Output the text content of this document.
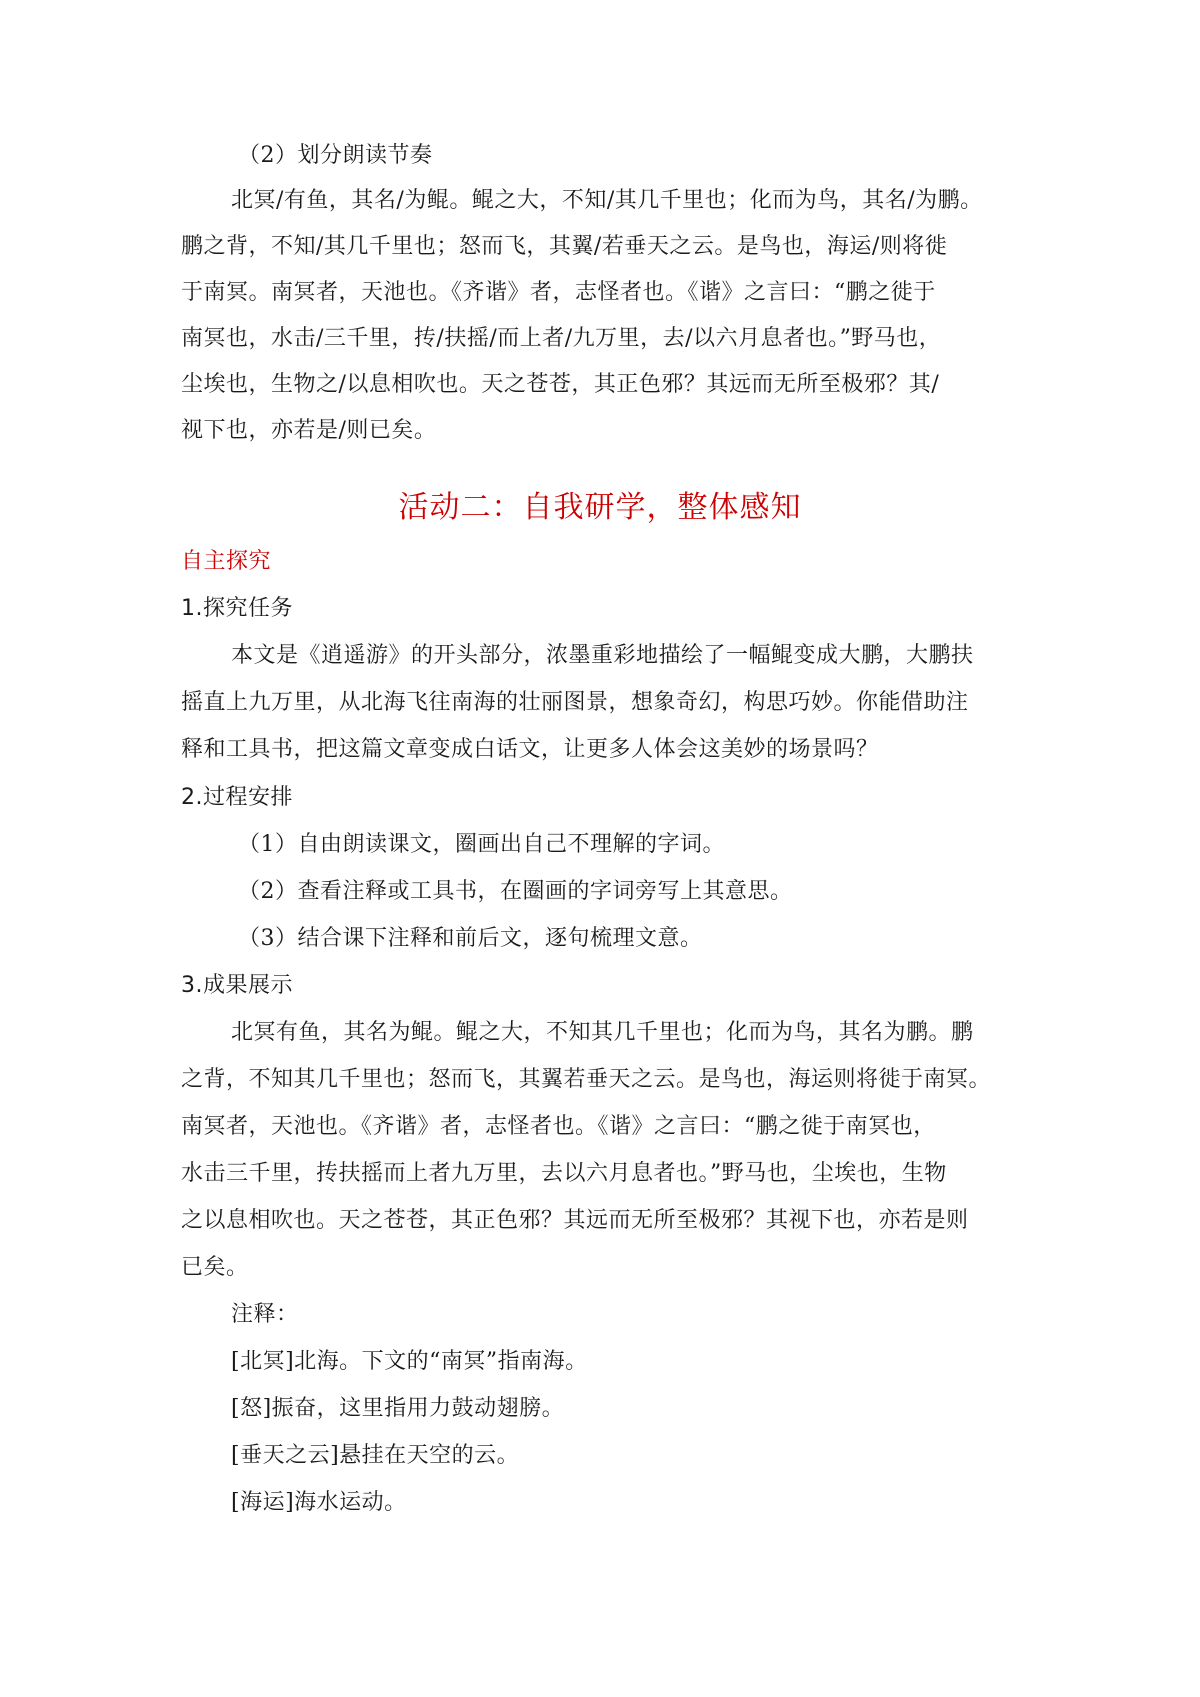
（2）划分朗读节奏
北冥/有鱼，其名/为鲲。鲲之大，不知/其几千里也；化而为鸟，其名/为鹏。
鹏之背，不知/其几千里也；怒而飞，其翼/若垂天之云。是鸟也，海运/则将徙
于南冥。南冥者，天池也。《齐谐》者，志怪者也。《谐》之言曰：“鹏之徙于
南冥也，水击/三千里，抟/扶摇/而上者/九万里，去/以六月息者也。”野马也，
尘埃也，生物之/以息相吹也。天之苍苍，其正色邪？其远而无所至极邪？其/
视下也，亦若是/则已矣。
活动二：自我研学，整体感知
自主探究
1.探究任务
本文是《逍遥游》的开头部分，浓墨重彩地描绘了一幅鲲变成大鹏，大鹏扶
摇直上九万里，从北海飞往南海的壮丽图景，想象奇幻，构思巧妙。你能借助注
释和工具书，把这篇文章变成白话文，让更多人体会这美妙的场景吗？
2.过程安排
（1）自由朗读课文，圈画出自己不理解的字词。
（2）查看注释或工具书，在圈画的字词旁写上其意思。
（3）结合课下注释和前后文，逐句梳理文意。
3.成果展示
北冥有鱼，其名为鲲。鲲之大，不知其几千里也；化而为鸟，其名为鹏。鹏
之背，不知其几千里也；怒而飞，其翼若垂天之云。是鸟也，海运则将徙于南冥。
南冥者，天池也。《齐谐》者，志怪者也。《谐》之言曰：“鹏之徙于南冥也，
水击三千里，抟扶摇而上者九万里，去以六月息者也。”野马也，尘埃也，生物
之以息相吹也。天之苍苍，其正色邪？其远而无所至极邪？其视下也，亦若是则
已矣。
注释：
[北冥]北海。下文的“南冥”指南海。
[怒]振奋，这里指用力鼓动翅膀。
[垂天之云]悬挂在天空的云。
[海运]海水运动。
